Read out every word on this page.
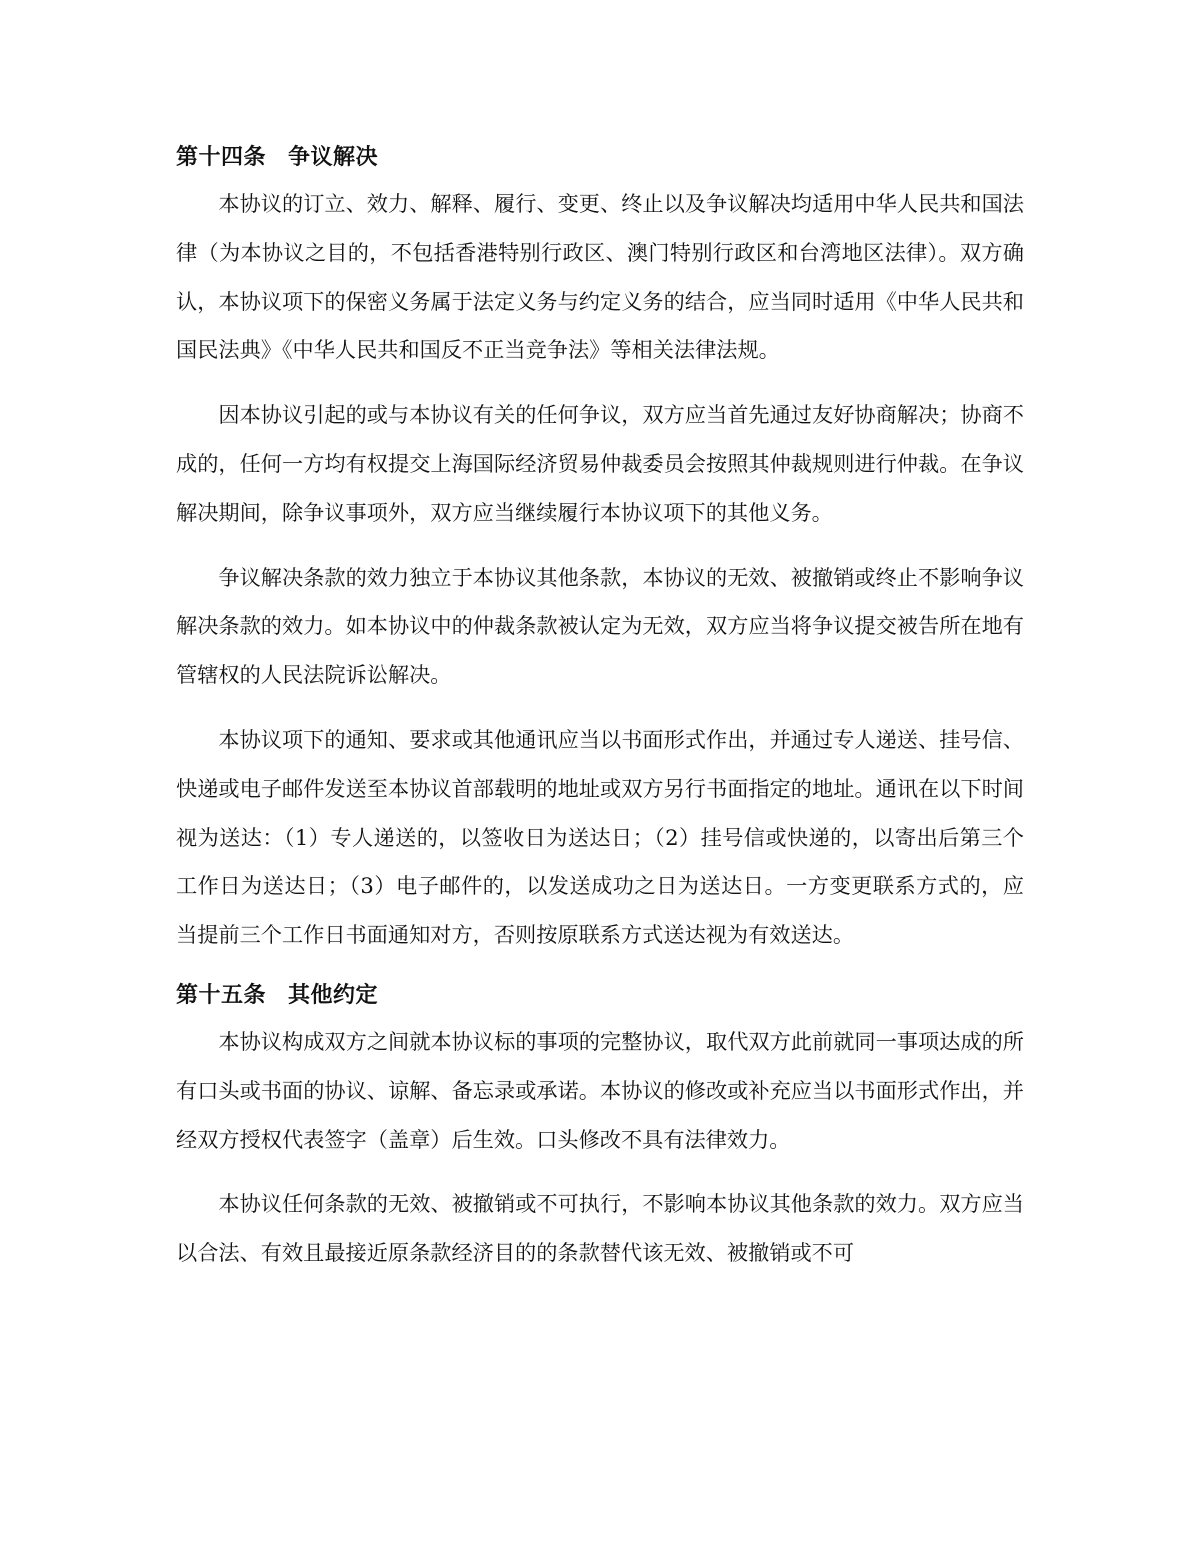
第十四条 争议解决

本协议的订立、效力、解释、履行、变更、终止以及争议解决均适用中华人民共和国法律（为本协议之目的，不包括香港特别行政区、澳门特别行政区和台湾地区法律）。双方确认，本协议项下的保密义务属于法定义务与约定义务的结合，应当同时适用《中华人民共和国民法典》《中华人民共和国反不正当竞争法》等相关法律法规。

因本协议引起的或与本协议有关的任何争议，双方应当首先通过友好协商解决；协商不成的，任何一方均有权提交上海国际经济贸易仲裁委员会按照其仲裁规则进行仲裁。在争议解决期间，除争议事项外，双方应当继续履行本协议项下的其他义务。

争议解决条款的效力独立于本协议其他条款，本协议的无效、被撤销或终止不影响争议解决条款的效力。如本协议中的仲裁条款被认定为无效，双方应当将争议提交被告所在地有管辖权的人民法院诉讼解决。

本协议项下的通知、要求或其他通讯应当以书面形式作出，并通过专人递送、挂号信、快递或电子邮件发送至本协议首部载明的地址或双方另行书面指定的地址。通讯在以下时间视为送达：（1）专人递送的，以签收日为送达日；（2）挂号信或快递的，以寄出后第三个工作日为送达日；（3）电子邮件的，以发送成功之日为送达日。一方变更联系方式的，应当提前三个工作日书面通知对方，否则按原联系方式送达视为有效送达。

第十五条 其他约定

本协议构成双方之间就本协议标的事项的完整协议，取代双方此前就同一事项达成的所有口头或书面的协议、谅解、备忘录或承诺。本协议的修改或补充应当以书面形式作出，并经双方授权代表签字（盖章）后生效。口头修改不具有法律效力。

本协议任何条款的无效、被撤销或不可执行，不影响本协议其他条款的效力。双方应当以合法、有效且最接近原条款经济目的的条款替代该无效、被撤销或不可
